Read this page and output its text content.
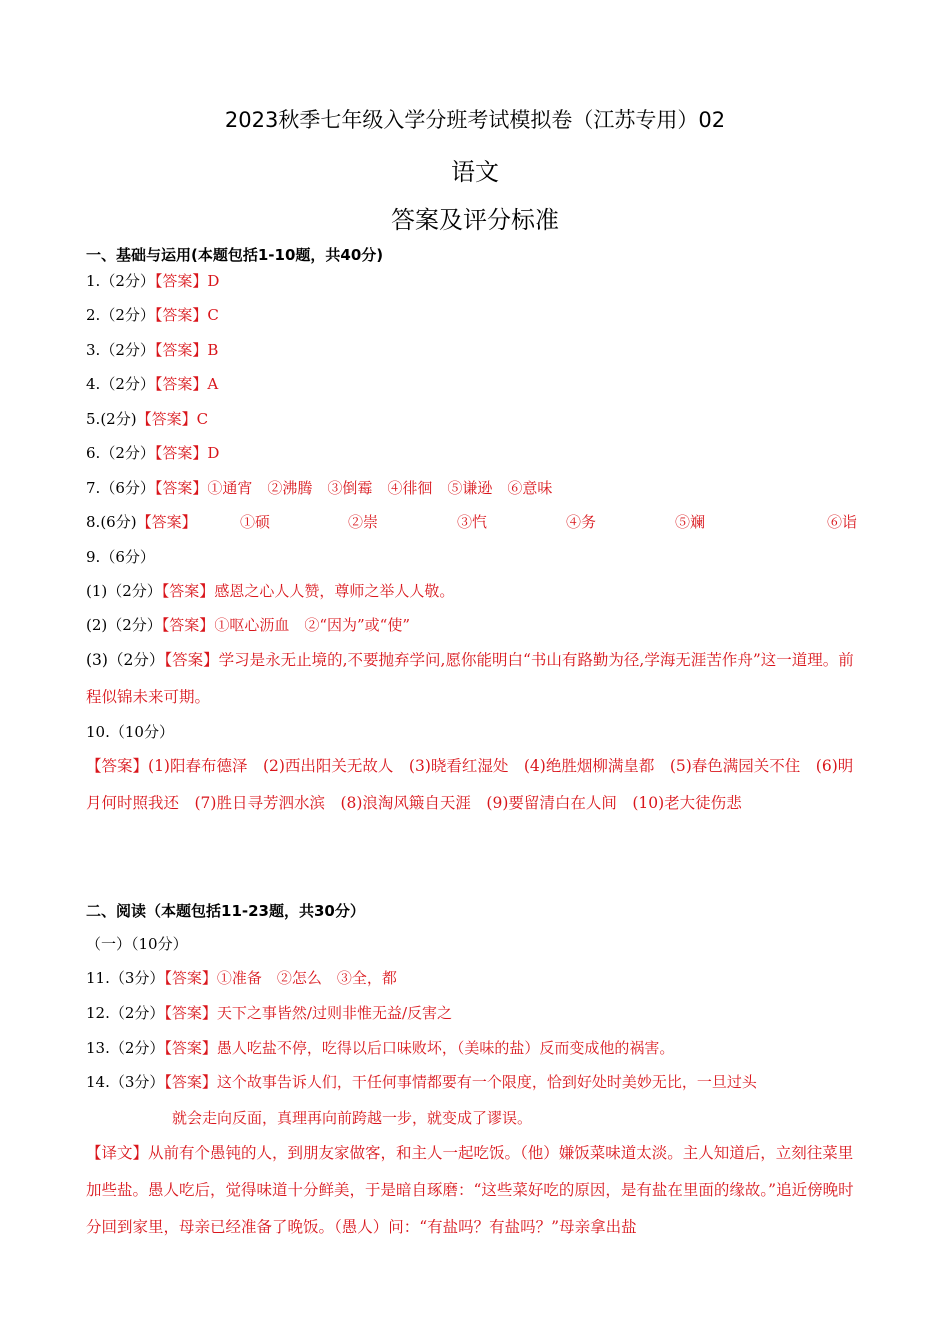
2023秋季七年级入学分班考试模拟卷（江苏专用）02
语文
答案及评分标准
一、基础与运用(本题包括1-10题，共40分)
1.（2分）【答案】D
2.（2分）【答案】C
3.（2分）【答案】B
4.（2分）【答案】A
5.(2分)【答案】C
6.（2分）【答案】D
7.（6分）【答案】①通宵　②沸腾　③倒霉　④徘徊　⑤谦逊　⑥意味
8.(6分)【答案】	①硕	②崇	③忾	④务	⑤斓	⑥诣
9.（6分）
(1)（2分）【答案】感恩之心人人赞，尊师之举人人敬。
(2)（2分）【答案】①呕心沥血　②“因为”或“使”
(3)（2分）【答案】学习是永无止境的,不要抛弃学问,愿你能明白“书山有路勤为径,学海无涯苦作舟”这一道理。前程似锦未来可期。
10.（10分）
【答案】(1)阳春布德泽　(2)西出阳关无故人　(3)晓看红湿处　(4)绝胜烟柳满皇都　(5)春色满园关不住　(6)明月何时照我还　(7)胜日寻芳泗水滨　(8)浪淘风簸自天涯　(9)要留清白在人间　(10)老大徒伤悲
二、阅读（本题包括11-23题，共30分）
（一）（10分）
11.（3分）【答案】①准备　②怎么　③全，都
12.（2分）【答案】天下之事皆然/过则非惟无益/反害之
13.（2分）【答案】愚人吃盐不停，吃得以后口味败坏，（美味的盐）反而变成他的祸害。
14.（3分）【答案】这个故事告诉人们，干任何事情都要有一个限度，恰到好处时美妙无比，一旦过头
就会走向反面，真理再向前跨越一步，就变成了谬误。
【译文】从前有个愚钝的人，到朋友家做客，和主人一起吃饭。（他）嫌饭菜味道太淡。主人知道后，立刻往菜里加些盐。愚人吃后，觉得味道十分鲜美，于是暗自琢磨：“这些菜好吃的原因，是有盐在里面的缘故。”追近傍晚时分回到家里，母亲已经准备了晚饭。（愚人）问：“有盐吗？有盐吗？”母亲拿出盐
